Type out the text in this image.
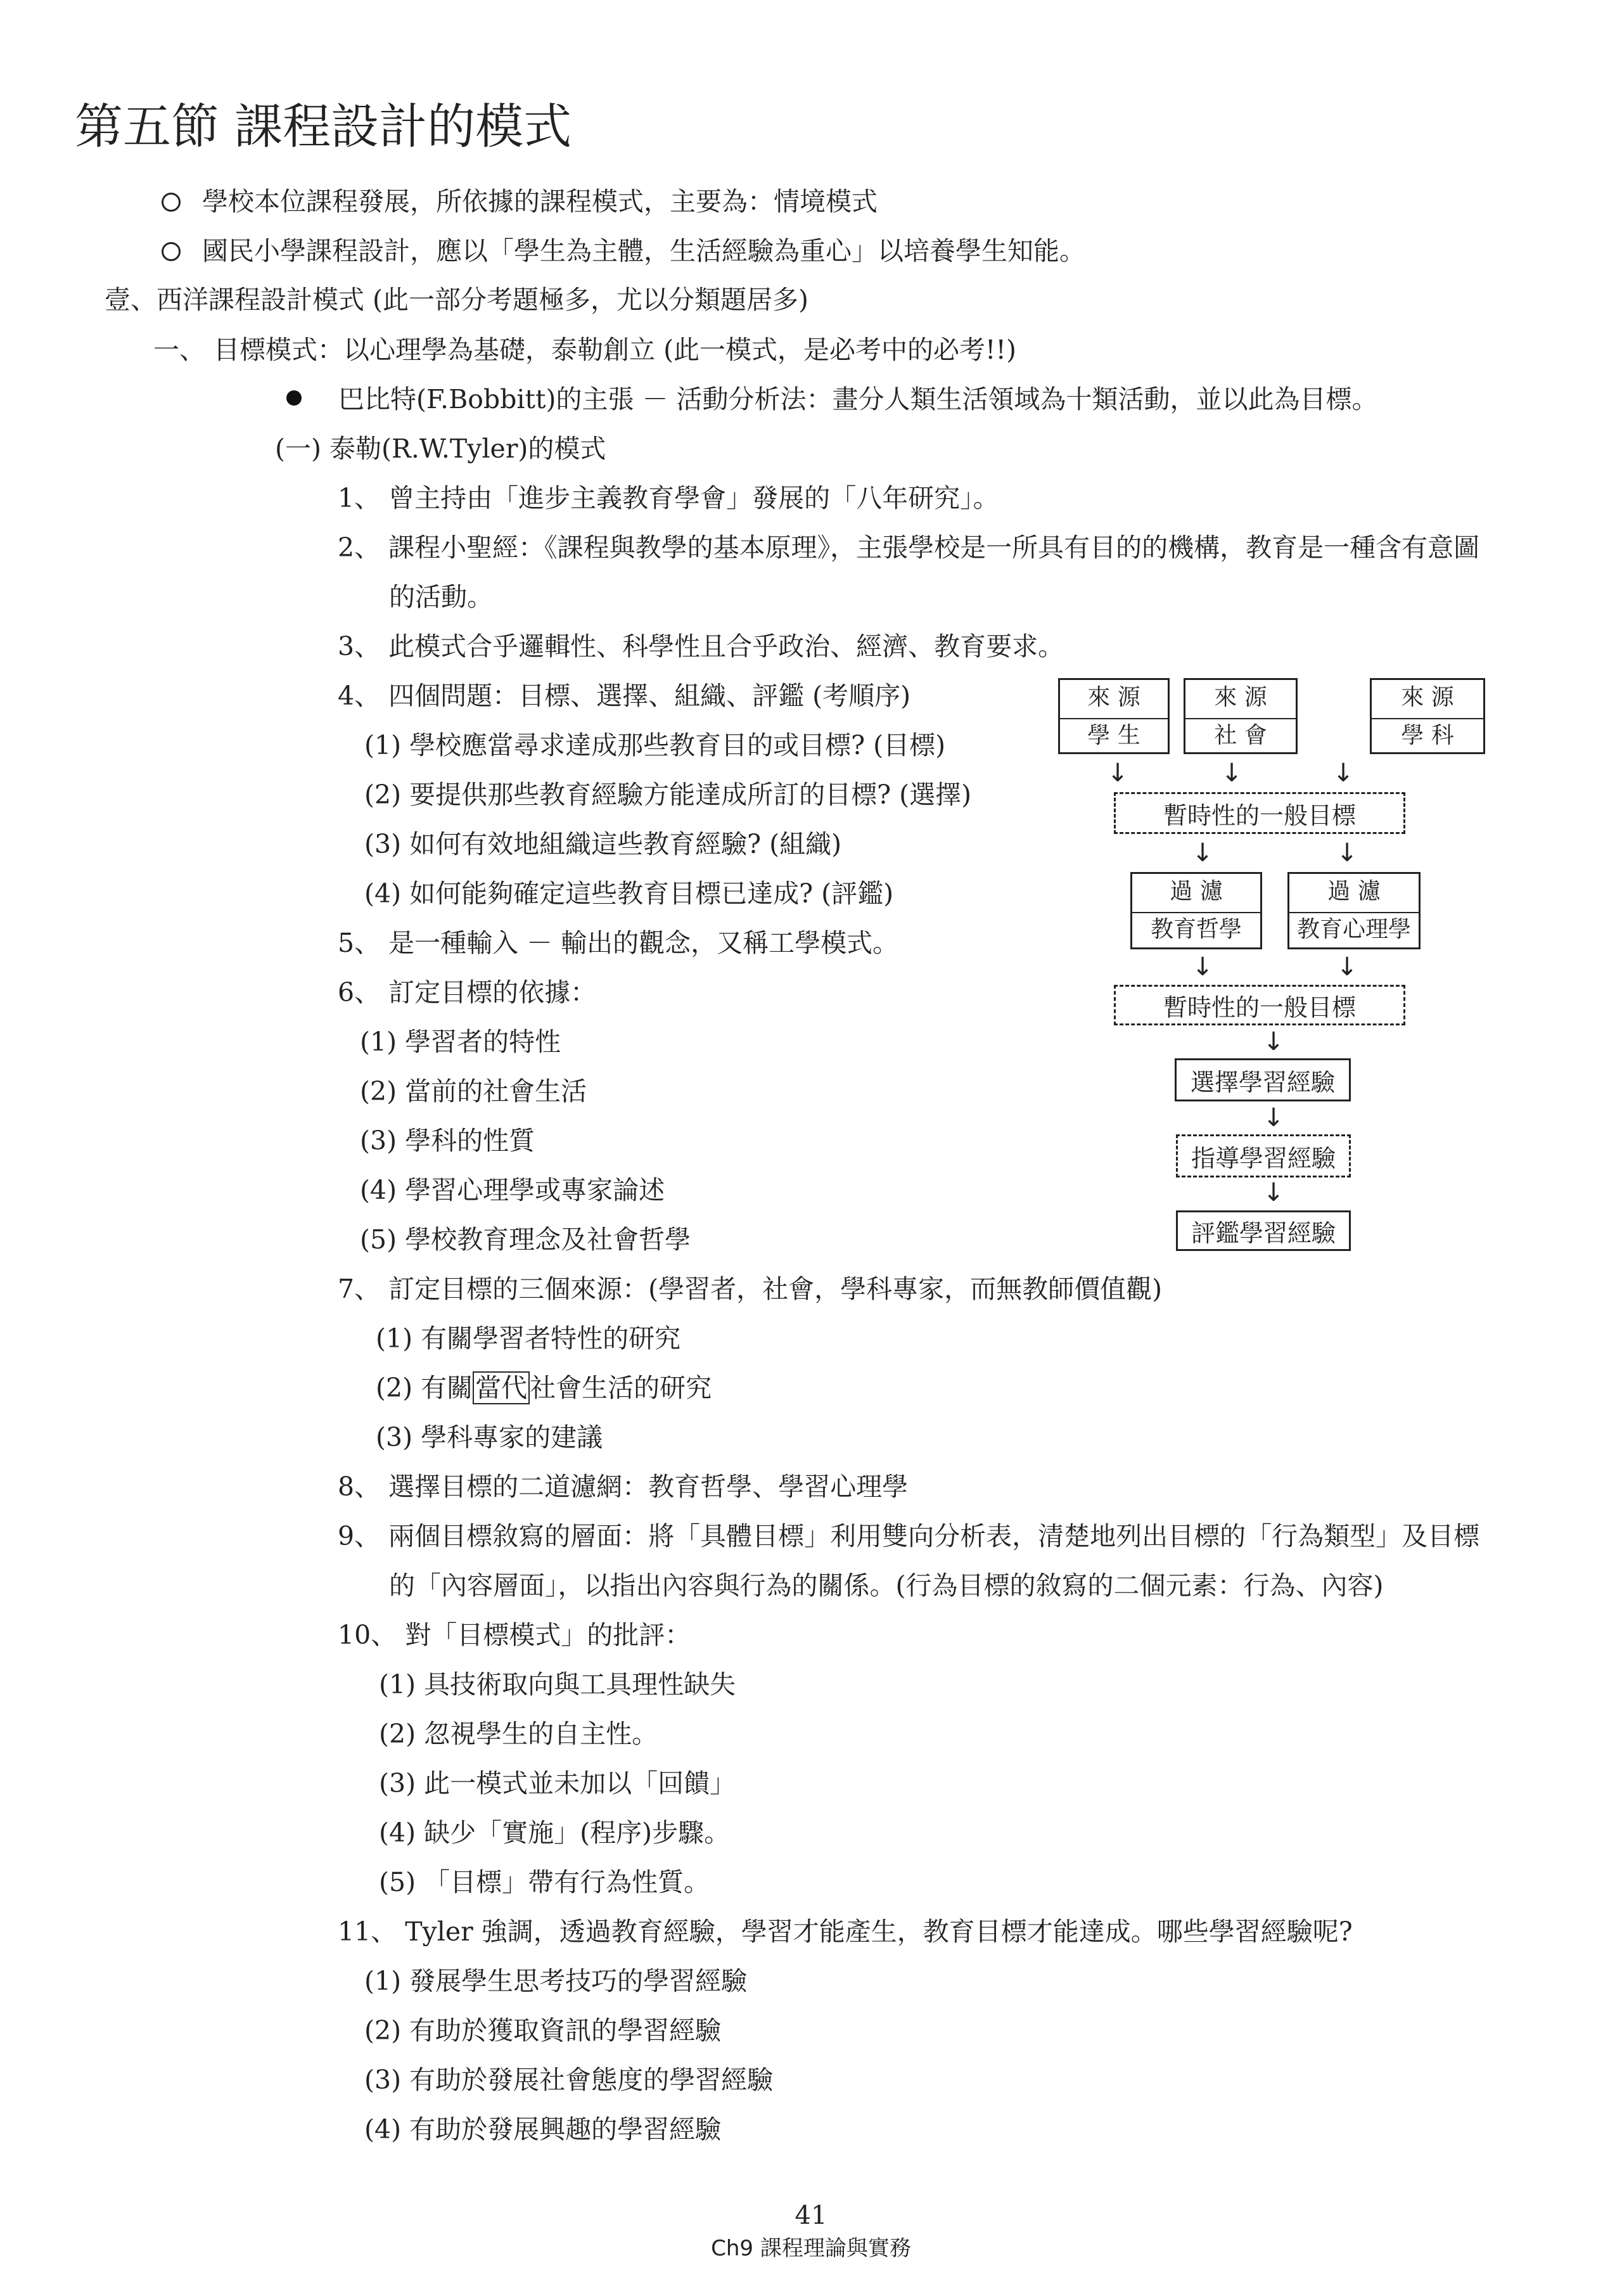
第五節 課程設計的模式
學校本位課程發展，所依據的課程模式，主要為：情境模式
國民小學課程設計，應以「學生為主體，生活經驗為重心」以培養學生知能。
壹、西洋課程設計模式 (此一部分考題極多，尤以分類題居多)
一、 目標模式：以心理學為基礎，泰勒創立 (此一模式，是必考中的必考!!)
巴比特(F.Bobbitt)的主張 － 活動分析法：畫分人類生活領域為十類活動，並以此為目標。
(一) 泰勒(R.W.Tyler)的模式
1、 曾主持由「進步主義教育學會」發展的「八年研究」。
2、 課程小聖經：《課程與教學的基本原理》，主張學校是一所具有目的的機構，教育是一種含有意圖
的活動。
3、 此模式合乎邏輯性、科學性且合乎政治、經濟、教育要求。
4、 四個問題：目標、選擇、組織、評鑑 (考順序)
(1) 學校應當尋求達成那些教育目的或目標? (目標)
(2) 要提供那些教育經驗方能達成所訂的目標? (選擇)
(3) 如何有效地組織這些教育經驗? (組織)
(4) 如何能夠確定這些教育目標已達成? (評鑑)
5、 是一種輸入 － 輸出的觀念，又稱工學模式。
6、 訂定目標的依據：
(1) 學習者的特性
(2) 當前的社會生活
(3) 學科的性質
(4) 學習心理學或專家論述
(5) 學校教育理念及社會哲學
7、 訂定目標的三個來源：(學習者，社會，學科專家，而無教師價值觀)
(1) 有關學習者特性的研究
(2) 有關當代社會生活的研究
(3) 學科專家的建議
8、 選擇目標的二道濾網：教育哲學、學習心理學
9、 兩個目標敘寫的層面：將「具體目標」利用雙向分析表，清楚地列出目標的「行為類型」及目標
的「內容層面」，以指出內容與行為的關係。(行為目標的敘寫的二個元素：行為、內容)
10、 對「目標模式」的批評：
(1) 具技術取向與工具理性缺失
(2) 忽視學生的自主性。
(3) 此一模式並未加以「回饋」
(4) 缺少「實施」(程序)步驟。
(5) 「目標」帶有行為性質。
11、 Tyler 強調，透過教育經驗，學習才能產生，教育目標才能達成。哪些學習經驗呢?
(1) 發展學生思考技巧的學習經驗
(2) 有助於獲取資訊的學習經驗
(3) 有助於發展社會態度的學習經驗
(4) 有助於發展興趣的學習經驗
來 源
學 生
來 源
社 會
來 源
學 科
↓	↓	↓
暫時性的一般目標
↓	↓
過 濾
教育哲學
過 濾
教育心理學
↓	↓
暫時性的一般目標
↓
選擇學習經驗
↓
指導學習經驗
↓
評鑑學習經驗
41
Ch9 課程理論與實務
